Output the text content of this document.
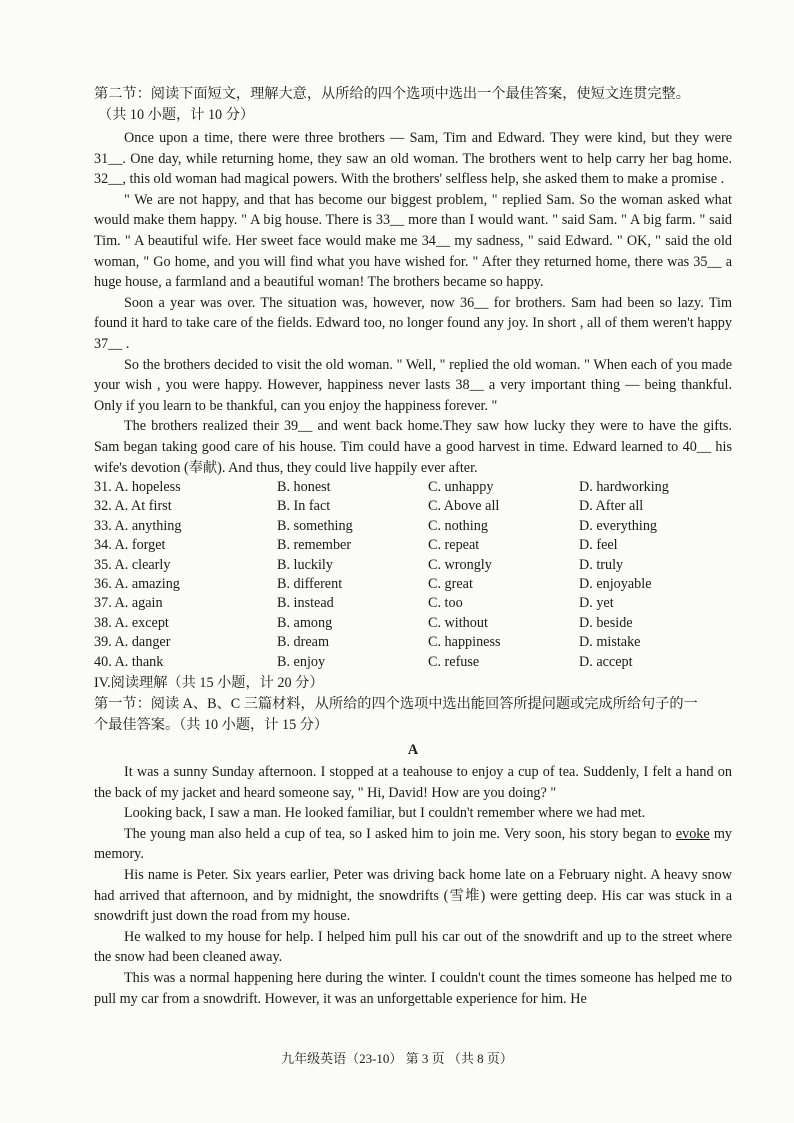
第二节：阅读下面短文，理解大意，从所给的四个选项中选出一个最佳答案，使短文连贯完整。
（共 10 小题，计 10 分）

Once upon a time, there were three brothers — Sam, Tim and Edward. They were kind, but they were 31__. One day, while returning home, they saw an old woman. The brothers went to help carry her bag home. 32__, this old woman had magical powers. With the brothers' selfless help, she asked them to make a promise .

" We are not happy, and that has become our biggest problem, " replied Sam. So the woman asked what would make them happy. " A big house. There is 33__ more than I would want. " said Sam. " A big farm. " said Tim. " A beautiful wife. Her sweet face would make me 34__ my sadness, " said Edward. " OK, " said the old woman, " Go home, and you will find what you have wished for. " After they returned home, there was 35__ a huge house, a farmland and a beautiful woman! The brothers became so happy.

Soon a year was over. The situation was, however, now 36__ for brothers. Sam had been so lazy. Tim found it hard to take care of the fields. Edward too, no longer found any joy. In short , all of them weren't happy 37__ .

So the brothers decided to visit the old woman. " Well, " replied the old woman. " When each of you made your wish , you were happy. However, happiness never lasts 38__ a very important thing — being thankful. Only if you learn to be thankful, can you enjoy the happiness forever. "

The brothers realized their 39__ and went back home.They saw how lucky they were to have the gifts. Sam began taking good care of his house. Tim could have a good harvest in time. Edward learned to 40__ his wife's devotion (奉献). And thus, they could live happily ever after.

31. A. hopeless	B. honest	C. unhappy	D. hardworking
32. A. At first	B. In fact	C. Above all	D. After all
33. A. anything	B. something	C. nothing	D. everything
34. A. forget	B. remember	C. repeat	D. feel
35. A. clearly	B. luckily	C. wrongly	D. truly
36. A. amazing	B. different	C. great	D. enjoyable
37. A. again	B. instead	C. too	D. yet
38. A. except	B. among	C. without	D. beside
39. A. danger	B. dream	C. happiness	D. mistake
40. A. thank	B. enjoy	C. refuse	D. accept
IV.阅读理解（共 15 小题，计 20 分）
第一节：阅读 A、B、C 三篇材料，从所给的四个选项中选出能回答所提问题或完成所给句子的一
个最佳答案。（共 10 小题，计 15 分）
A

It was a sunny Sunday afternoon. I stopped at a teahouse to enjoy a cup of tea. Suddenly, I felt a hand on the back of my jacket and heard someone say, " Hi, David! How are you doing? "

Looking back, I saw a man. He looked familiar, but I couldn't remember where we had met.

The young man also held a cup of tea, so I asked him to join me. Very soon, his story began to evoke my memory.

His name is Peter. Six years earlier, Peter was driving back home late on a February night. A heavy snow had arrived that afternoon, and by midnight, the snowdrifts (雪堆) were getting deep. His car was stuck in a snowdrift just down the road from my house.

He walked to my house for help. I helped him pull his car out of the snowdrift and up to the street where the snow had been cleaned away.

This was a normal happening here during the winter. I couldn't count the times someone has helped me to pull my car from a snowdrift. However, it was an unforgettable experience for him. He

九年级英语（23-10） 第 3 页 （共 8 页）
